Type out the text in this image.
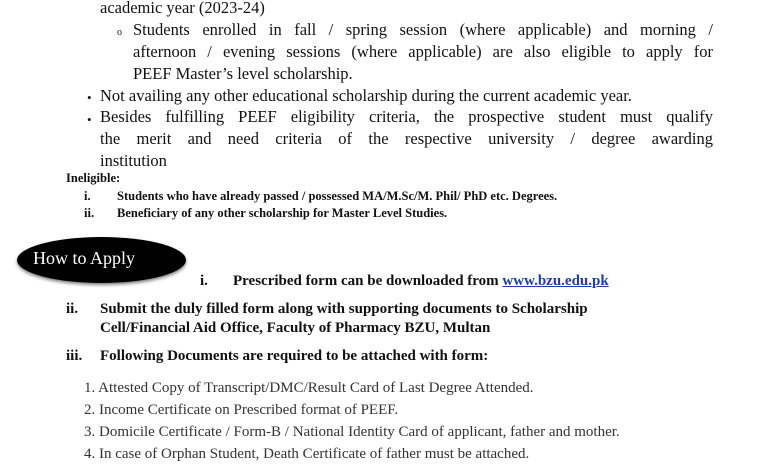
academic year (2023-24)
o Students enrolled in fall / spring session (where applicable) and morning /
afternoon / evening sessions (where applicable) are also eligible to apply for
PEEF Master’s level scholarship.
• Not availing any other educational scholarship during the current academic year.
• Besides fulfilling PEEF eligibility criteria, the prospective student must qualify
the merit and need criteria of the respective university / degree awarding
institution
Ineligible:
i. Students who have already passed / possessed MA/M.Sc/M. Phil/ PhD etc. Degrees.
ii. Beneficiary of any other scholarship for Master Level Studies.
How to Apply
i. Prescribed form can be downloaded from www.bzu.edu.pk
ii. Submit the duly filled form along with supporting documents to Scholarship
Cell/Financial Aid Office, Faculty of Pharmacy BZU, Multan
iii. Following Documents are required to be attached with form:
1. Attested Copy of Transcript/DMC/Result Card of Last Degree Attended.
2. Income Certificate on Prescribed format of PEEF.
3. Domicile Certificate / Form-B / National Identity Card of applicant, father and mother.
4. In case of Orphan Student, Death Certificate of father must be attached.
